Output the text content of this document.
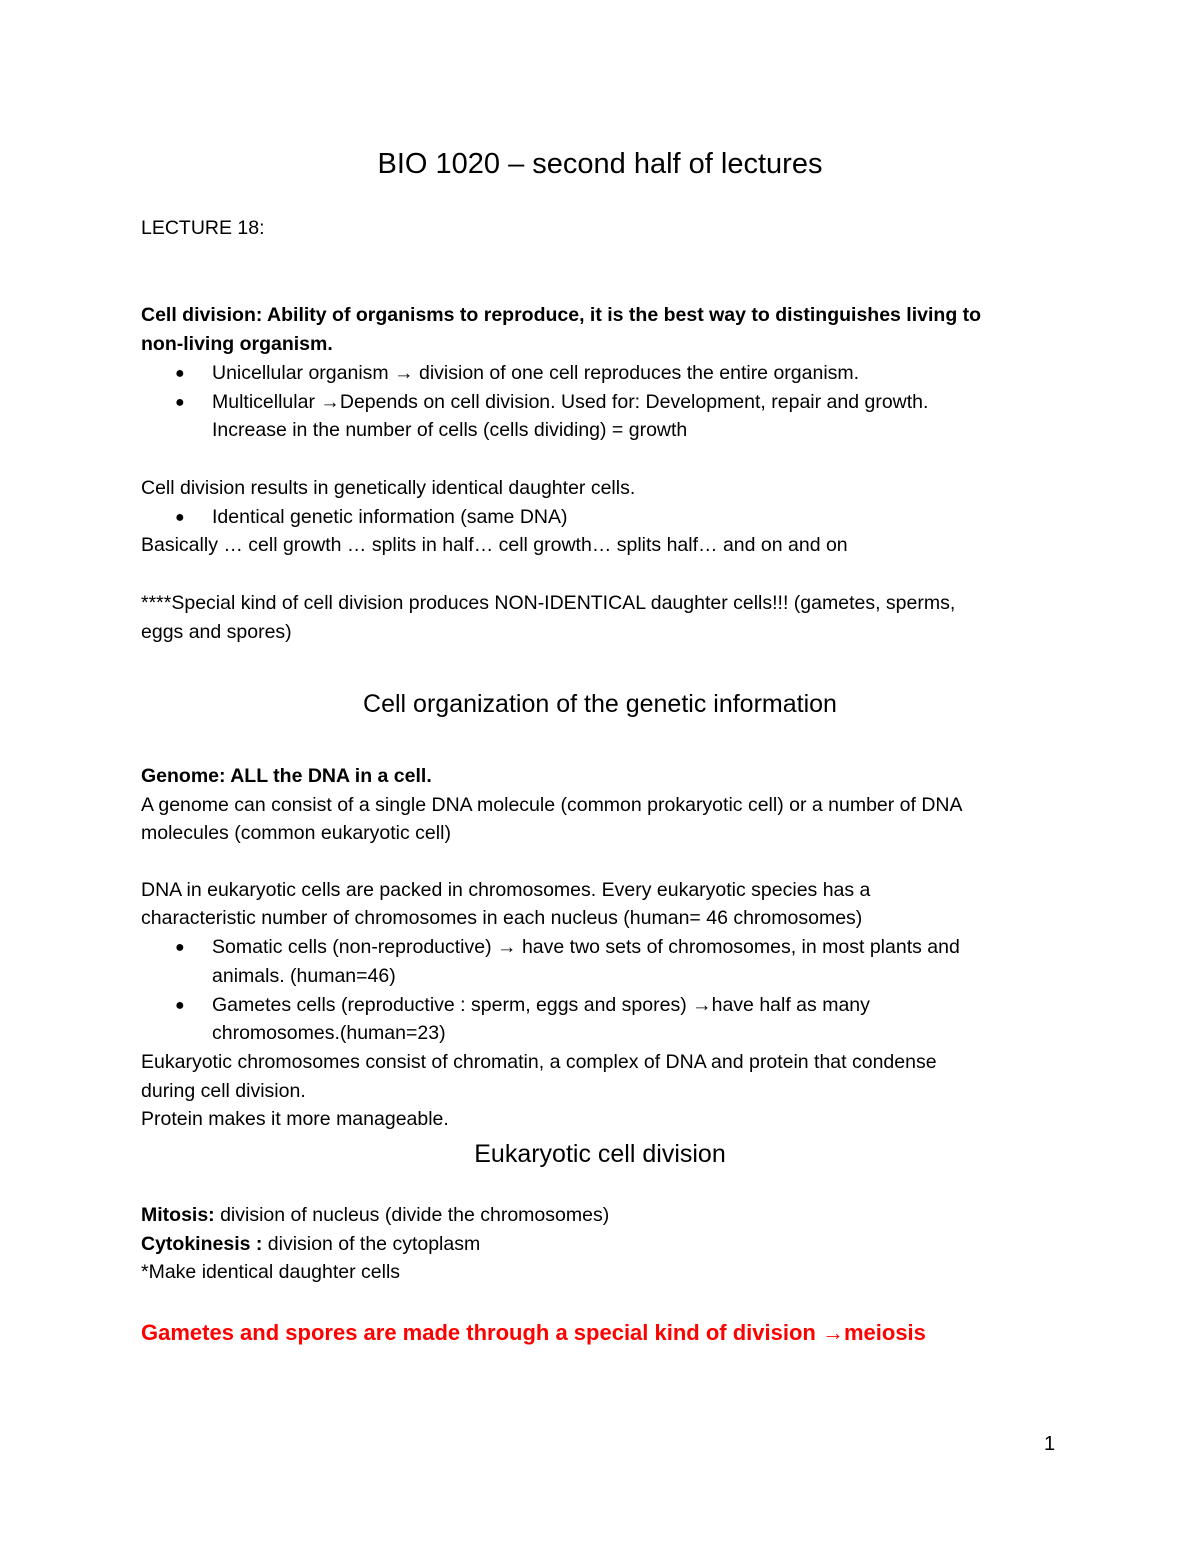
BIO 1020 – second half of lectures
LECTURE 18:
Cell division: Ability of organisms to reproduce, it is the best way to distinguishes living to
non-living organism.
● Unicellular organism → division of one cell reproduces the entire organism.
● Multicellular →Depends on cell division. Used for: Development, repair and growth.
Increase in the number of cells (cells dividing) = growth
Cell division results in genetically identical daughter cells.
● Identical genetic information (same DNA)
Basically … cell growth … splits in half… cell growth… splits half… and on and on
****Special kind of cell division produces NON-IDENTICAL daughter cells!!! (gametes, sperms,
eggs and spores)
Cell organization of the genetic information
Genome: ALL the DNA in a cell.
A genome can consist of a single DNA molecule (common prokaryotic cell) or a number of DNA
molecules (common eukaryotic cell)
DNA in eukaryotic cells are packed in chromosomes. Every eukaryotic species has a
characteristic number of chromosomes in each nucleus (human= 46 chromosomes)
● Somatic cells (non-reproductive) → have two sets of chromosomes, in most plants and
animals. (human=46)
● Gametes cells (reproductive : sperm, eggs and spores) →have half as many
chromosomes.(human=23)
Eukaryotic chromosomes consist of chromatin, a complex of DNA and protein that condense
during cell division.
Protein makes it more manageable.
Eukaryotic cell division
Mitosis: division of nucleus (divide the chromosomes)
Cytokinesis : division of the cytoplasm
*Make identical daughter cells
Gametes and spores are made through a special kind of division →meiosis
1
